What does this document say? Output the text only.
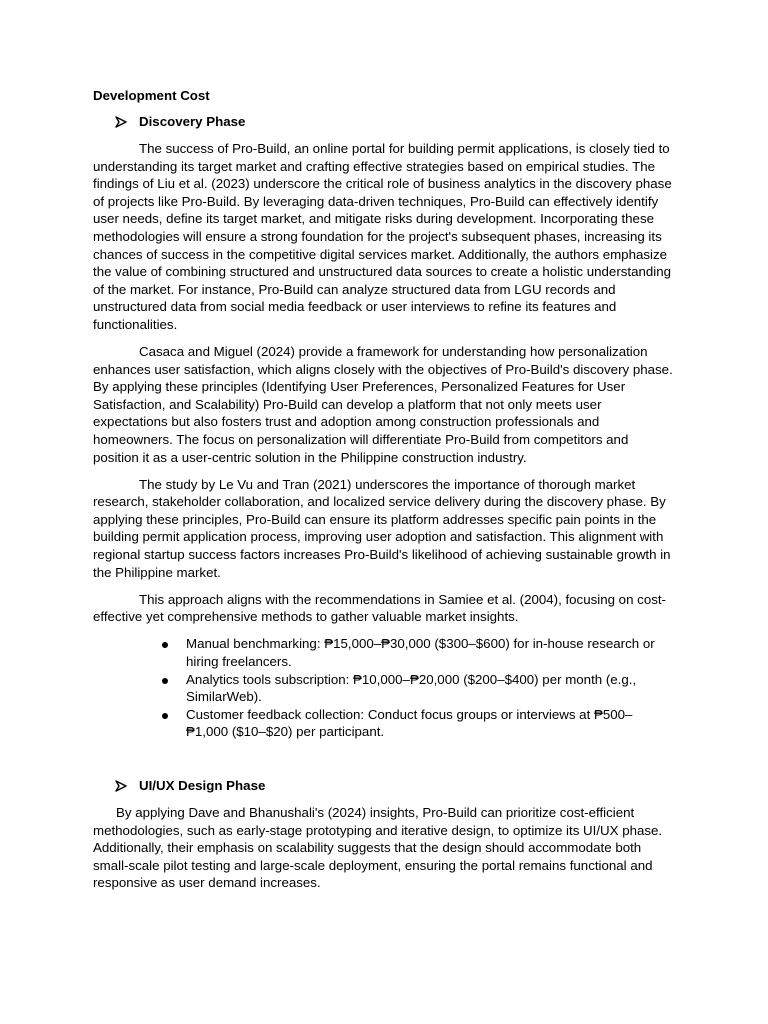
Development Cost
Discovery Phase

The success of Pro-Build, an online portal for building permit applications, is closely tied to understanding its target market and crafting effective strategies based on empirical studies. The findings of Liu et al. (2023) underscore the critical role of business analytics in the discovery phase of projects like Pro-Build. By leveraging data-driven techniques, Pro-Build can effectively identify user needs, define its target market, and mitigate risks during development. Incorporating these methodologies will ensure a strong foundation for the project's subsequent phases, increasing its chances of success in the competitive digital services market. Additionally, the authors emphasize the value of combining structured and unstructured data sources to create a holistic understanding of the market. For instance, Pro-Build can analyze structured data from LGU records and unstructured data from social media feedback or user interviews to refine its features and functionalities.

Casaca and Miguel (2024) provide a framework for understanding how personalization enhances user satisfaction, which aligns closely with the objectives of Pro-Build's discovery phase. By applying these principles (Identifying User Preferences, Personalized Features for User Satisfaction, and Scalability) Pro-Build can develop a platform that not only meets user expectations but also fosters trust and adoption among construction professionals and homeowners. The focus on personalization will differentiate Pro-Build from competitors and position it as a user-centric solution in the Philippine construction industry.

The study by Le Vu and Tran (2021) underscores the importance of thorough market research, stakeholder collaboration, and localized service delivery during the discovery phase. By applying these principles, Pro-Build can ensure its platform addresses specific pain points in the building permit application process, improving user adoption and satisfaction. This alignment with regional startup success factors increases Pro-Build's likelihood of achieving sustainable growth in the Philippine market.

This approach aligns with the recommendations in Samiee et al. (2004), focusing on cost-effective yet comprehensive methods to gather valuable market insights.

Manual benchmarking: ₱15,000–₱30,000 ($300–$600) for in-house research or hiring freelancers.
Analytics tools subscription: ₱10,000–₱20,000 ($200–$400) per month (e.g., SimilarWeb).
Customer feedback collection: Conduct focus groups or interviews at ₱500–₱1,000 ($10–$20) per participant.
UI/UX Design Phase

By applying Dave and Bhanushali's (2024) insights, Pro-Build can prioritize cost-efficient methodologies, such as early-stage prototyping and iterative design, to optimize its UI/UX phase. Additionally, their emphasis on scalability suggests that the design should accommodate both small-scale pilot testing and large-scale deployment, ensuring the portal remains functional and responsive as user demand increases.
